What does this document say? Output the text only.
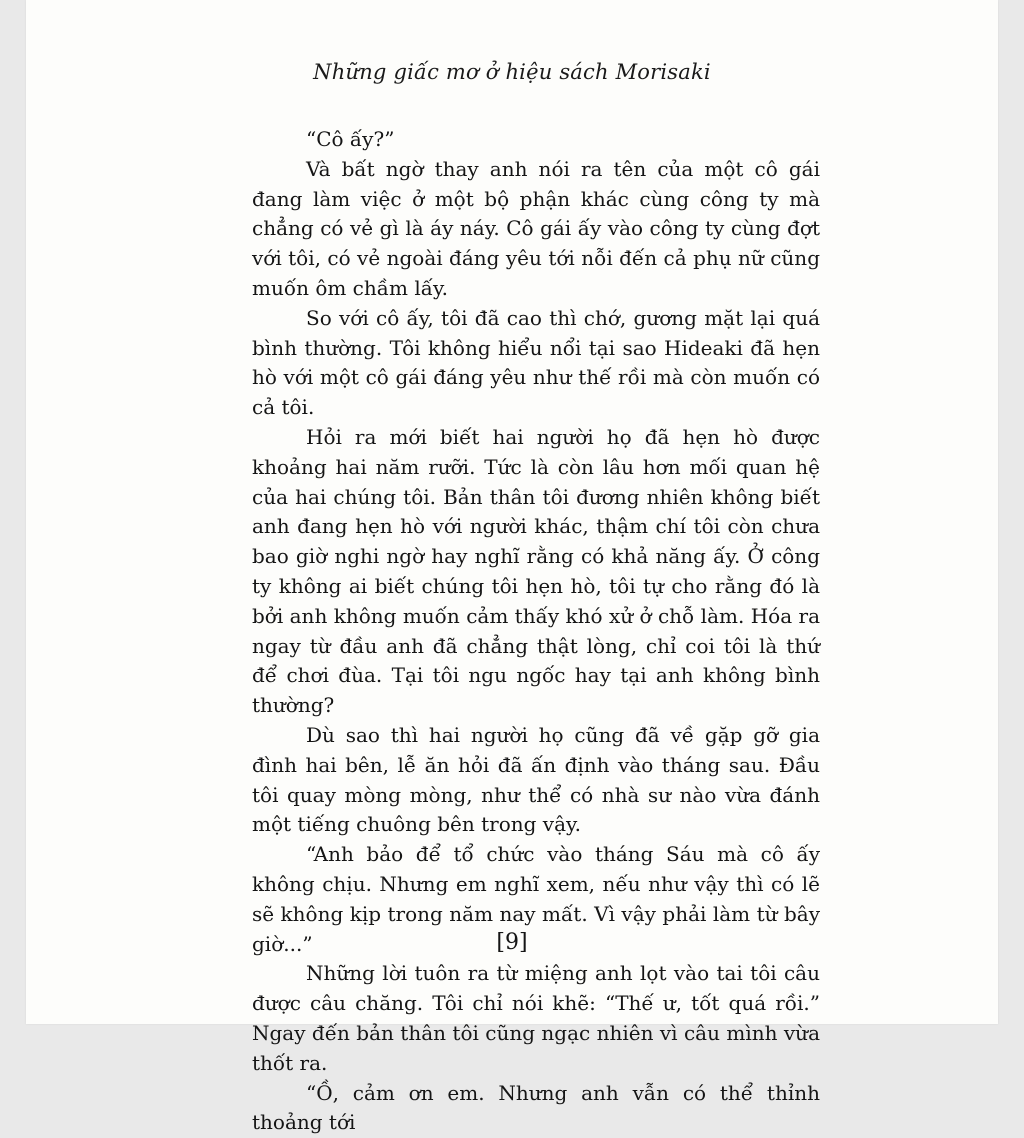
Những giấc mơ ở hiệu sách Morisaki

“Cô ấy?”

Và bất ngờ thay anh nói ra tên của một cô gái đang làm việc ở một bộ phận khác cùng công ty mà chẳng có vẻ gì là áy náy. Cô gái ấy vào công ty cùng đợt với tôi, có vẻ ngoài đáng yêu tới nỗi đến cả phụ nữ cũng muốn ôm chầm lấy.

So với cô ấy, tôi đã cao thì chớ, gương mặt lại quá bình thường. Tôi không hiểu nổi tại sao Hideaki đã hẹn hò với một cô gái đáng yêu như thế rồi mà còn muốn có cả tôi.

Hỏi ra mới biết hai người họ đã hẹn hò được khoảng hai năm rưỡi. Tức là còn lâu hơn mối quan hệ của hai chúng tôi. Bản thân tôi đương nhiên không biết anh đang hẹn hò với người khác, thậm chí tôi còn chưa bao giờ nghi ngờ hay nghĩ rằng có khả năng ấy. Ở công ty không ai biết chúng tôi hẹn hò, tôi tự cho rằng đó là bởi anh không muốn cảm thấy khó xử ở chỗ làm. Hóa ra ngay từ đầu anh đã chẳng thật lòng, chỉ coi tôi là thứ để chơi đùa. Tại tôi ngu ngốc hay tại anh không bình thường?

Dù sao thì hai người họ cũng đã về gặp gỡ gia đình hai bên, lễ ăn hỏi đã ấn định vào tháng sau. Đầu tôi quay mòng mòng, như thể có nhà sư nào vừa đánh một tiếng chuông bên trong vậy.

“Anh bảo để tổ chức vào tháng Sáu mà cô ấy không chịu. Nhưng em nghĩ xem, nếu như vậy thì có lẽ sẽ không kịp trong năm nay mất. Vì vậy phải làm từ bây giờ...”

Những lời tuôn ra từ miệng anh lọt vào tai tôi câu được câu chăng. Tôi chỉ nói khẽ: “Thế ư, tốt quá rồi.” Ngay đến bản thân tôi cũng ngạc nhiên vì câu mình vừa thốt ra.

“Ồ, cảm ơn em. Nhưng anh vẫn có thể thỉnh thoảng tới

[9]
